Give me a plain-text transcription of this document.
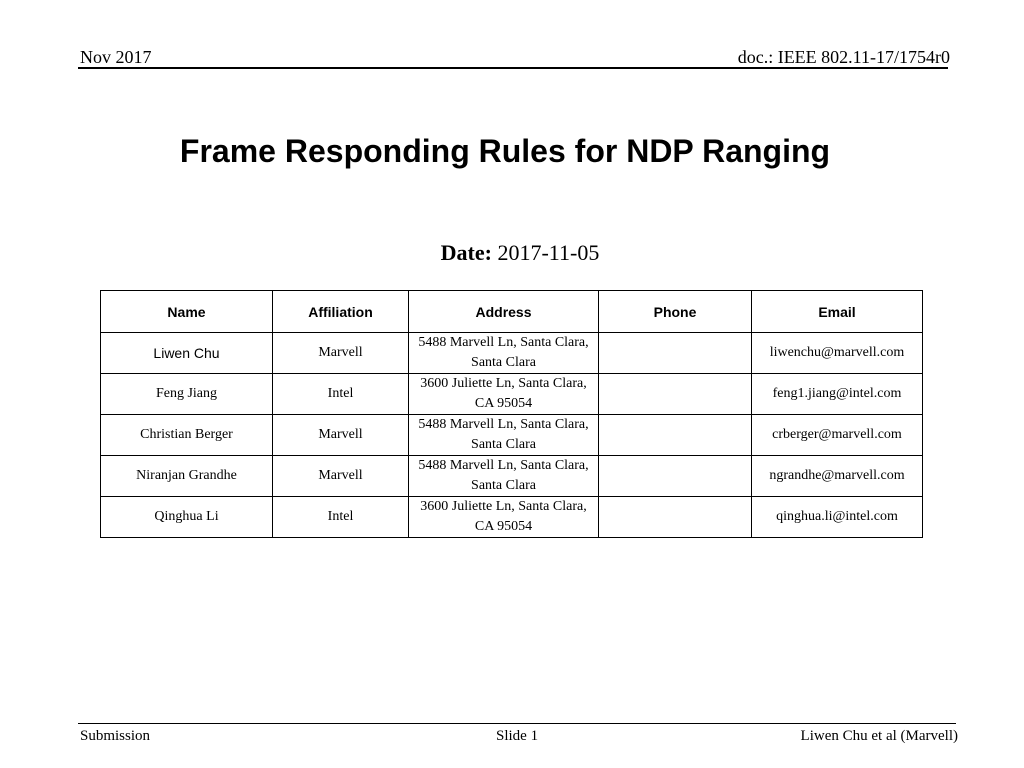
Nov 2017	doc.: IEEE 802.11-17/1754r0
Frame Responding Rules for NDP Ranging
Date: 2017-11-05
Name	Affiliation	Address	Phone	Email
Liwen Chu	Marvell	5488 Marvell Ln, Santa Clara, Santa Clara		liwenchu@marvell.com
Feng Jiang	Intel	3600 Juliette Ln, Santa Clara, CA 95054		feng1.jiang@intel.com
Christian Berger	Marvell	5488 Marvell Ln, Santa Clara, Santa Clara		crberger@marvell.com
Niranjan Grandhe	Marvell	5488 Marvell Ln, Santa Clara, Santa Clara		ngrandhe@marvell.com
Qinghua Li	Intel	3600 Juliette Ln, Santa Clara, CA 95054		qinghua.li@intel.com
Submission	Slide 1	Liwen Chu et al (Marvell)
